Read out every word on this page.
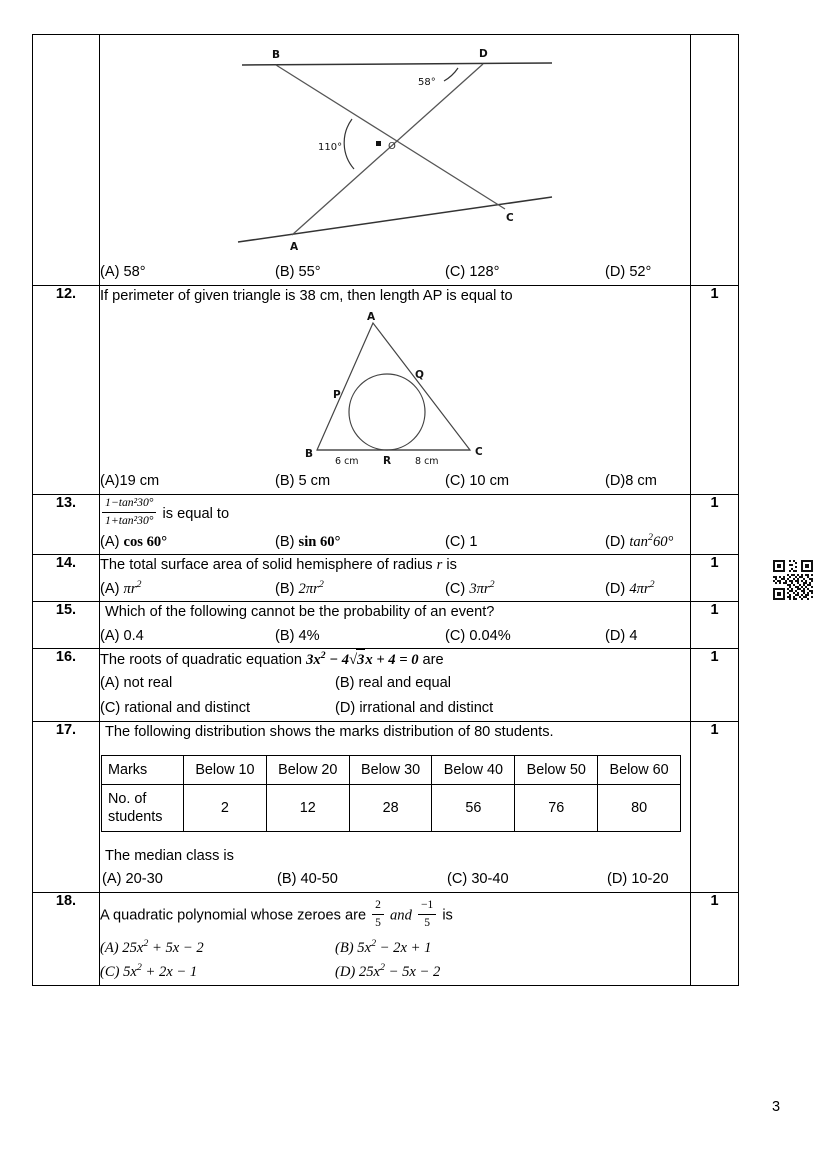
B	D
O
A
C
58°
110°
(A) 58°	(B) 55°	(C) 128°	(D) 52°

12.	If perimeter of given triangle is 38 cm, then length AP is equal to
A
B	C
P
Q
R
6 cm	8 cm
(A)19 cm	(B) 5 cm	(C) 10 cm	(D)8 cm
	1
13.	$\frac{\text{1−tan²30°}}{\text{1+tan²30°}}$ is equal to
(A) cos 60°	(B) sin 60°	(C) 1	(D) $\tan^260^\circ$
	1
14.	The total surface area of solid hemisphere of radius r is
(A) $\pi r^2$	(B) $2\pi r^2$	(C) $3\pi r^2$	(D) $4\pi r^2$
	1
15.	Which of the following cannot be the probability of an event?
(A) 0.4	(B) 4%	(C) 0.04%	(D) 4
	1
16.	The roots of quadratic equation $3x^2 - 4√3x + 4 = 0$ are
(A) not real	(B) real and equal
(C) rational and distinct	(D) irrational and distinct
	1
17.	The following distribution shows the marks distribution of 80 students.
Marks	Below 10	Below 20	Below 30	Below 40	Below 50	Below 60
No. of students	2	12	28	56	76	80
The median class is
(A) 20-30	(B) 40-50	(C) 30-40	(D) 10-20
	1
18.	
A quadratic polynomial whose zeroes are $\frac{2}{5}$ and $\frac{-1}{5}$ is
(A) $25x^2 + 5x - 2$	(B) $5x^2 - 2x + 1$
(C) $5x^2 + 2x - 1$	(D) $25x^2 - 5x - 2$
	1
3
